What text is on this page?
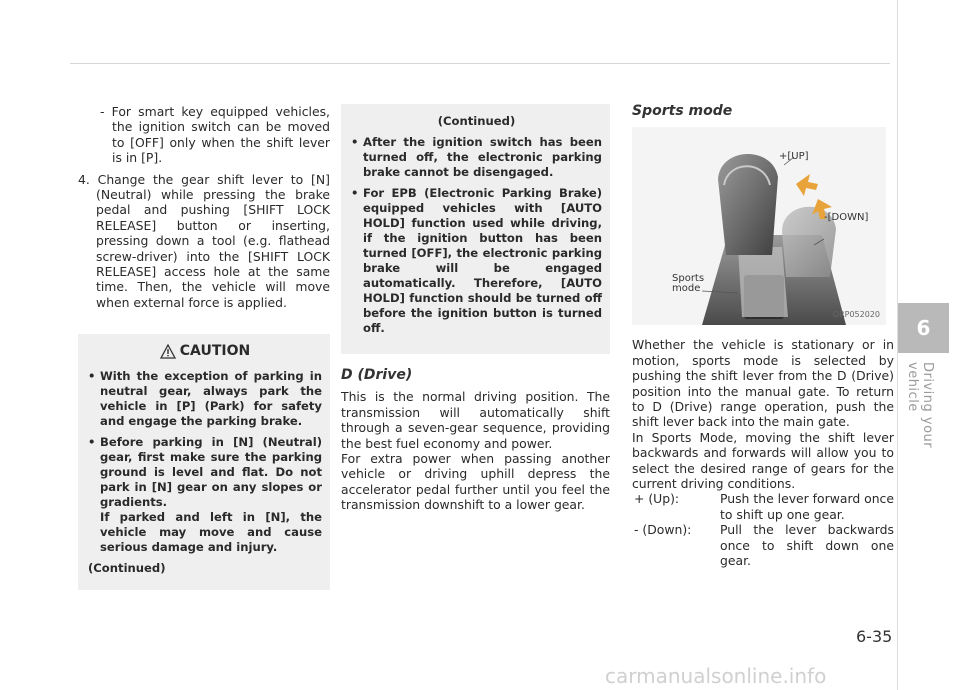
6
Driving your vehicle

- For smart key equipped vehicles, the ignition switch can be moved to [OFF] only when the shift lever is in [P].

4. Change the gear shift lever to [N] (Neutral) while pressing the brake pedal and pushing [SHIFT LOCK RELEASE] button or inserting, pressing down a tool (e.g. flathead screw-driver) into the [SHIFT LOCK RELEASE] access hole at the same time. Then, the vehicle will move when external force is applied.

CAUTION
• With the exception of parking in neutral gear, always park the vehicle in [P] (Park) for safety and engage the parking brake.
• Before parking in [N] (Neutral) gear, first make sure the parking ground is level and flat. Do not park in [N] gear on any slopes or gradients.
If parked and left in [N], the vehicle may move and cause serious damage and injury.
(Continued)
(Continued)
• After the ignition switch has been turned off, the electronic parking brake cannot be disengaged.
• For EPB (Electronic Parking Brake) equipped vehicles with [AUTO HOLD] function used while driving, if the ignition button has been turned [OFF], the electronic parking brake will be engaged automatically. Therefore, [AUTO HOLD] function should be turned off before the ignition button is turned off.
D (Drive)

This is the normal driving position. The transmission will automatically shift through a seven-gear sequence, providing the best fuel economy and power.

For extra power when passing another vehicle or driving uphill depress the accelerator pedal further until you feel the transmission downshift to a lower gear.

Sports mode
+[UP]
-[DOWN]
Sports
mode
ORP052020

Whether the vehicle is stationary or in motion, sports mode is selected by pushing the shift lever from the D (Drive) position into the manual gate. To return to D (Drive) range operation, push the shift lever back into the main gate.

In Sports Mode, moving the shift lever backwards and forwards will allow you to select the desired range of gears for the current driving conditions.

+ (Up):	Push the lever forward once to shift up one gear.
- (Down):	Pull the lever backwards once to shift down one gear.
6-35
carmanualsonline.info
